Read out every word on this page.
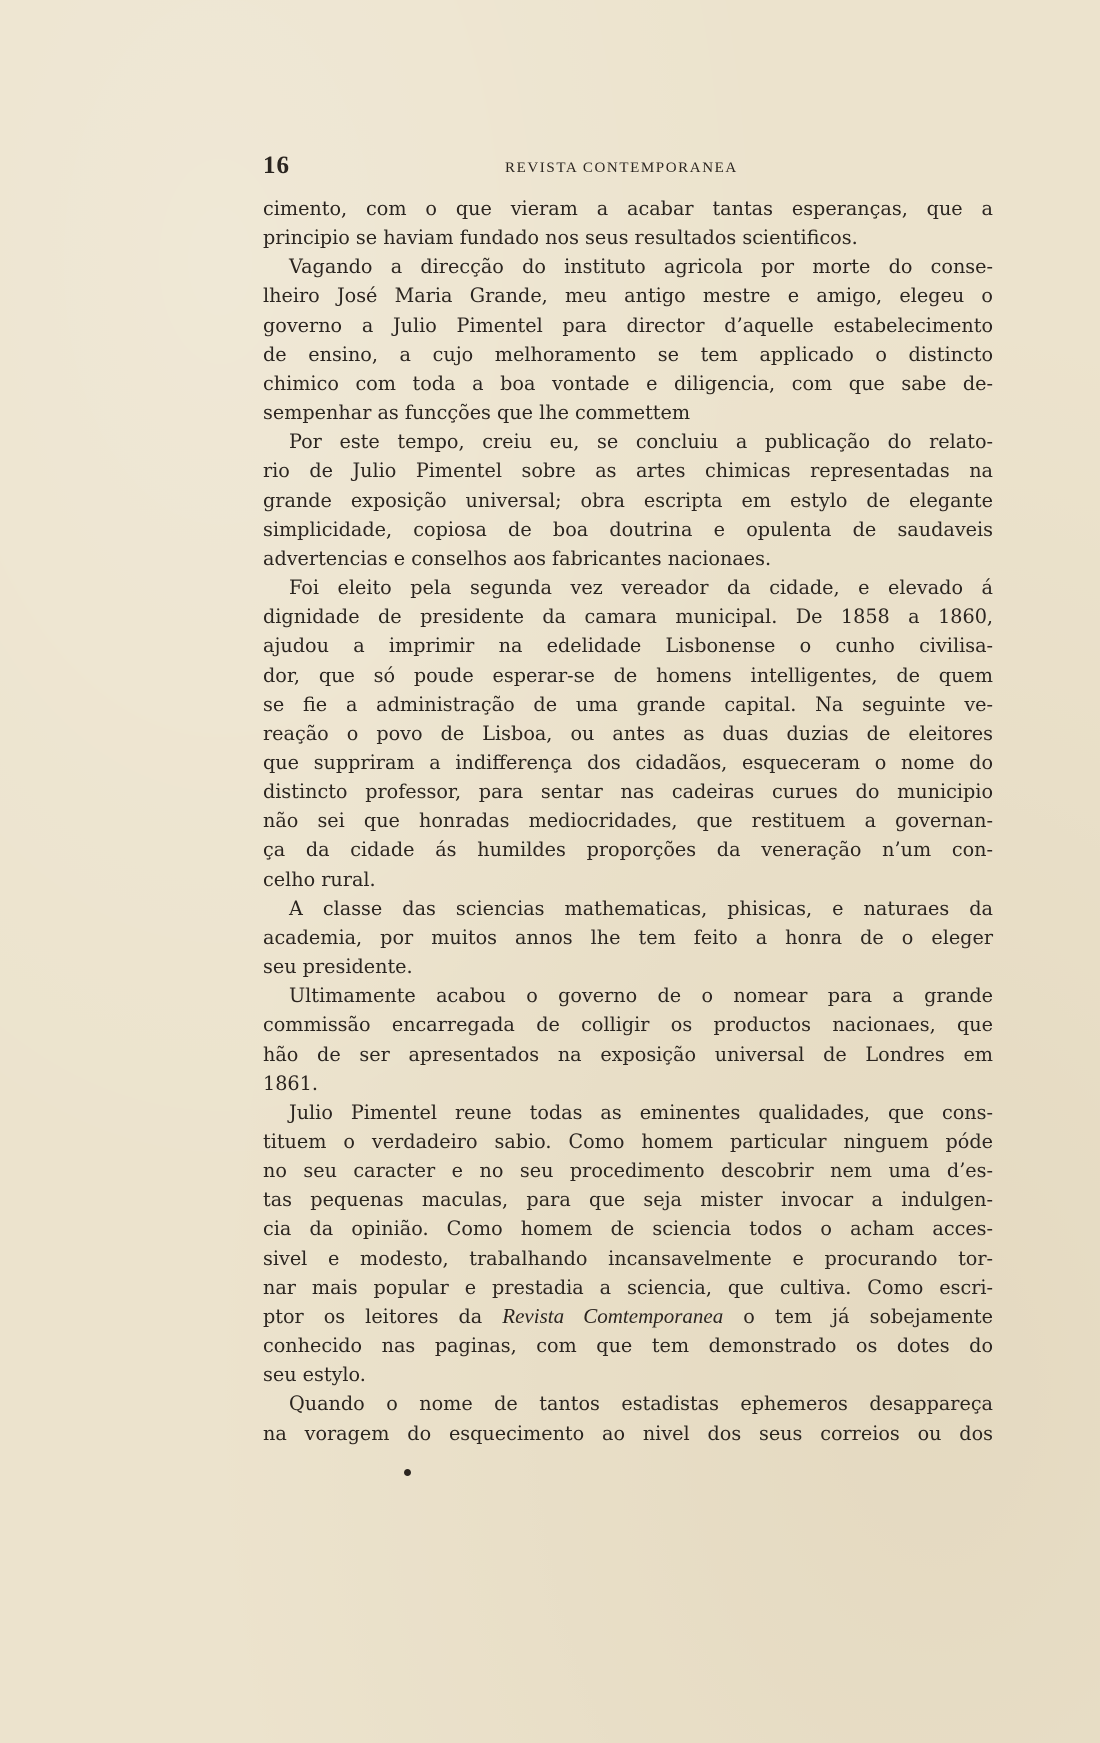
16	REVISTA CONTEMPORANEA
cimento, com o que vieram a acabar tantas esperanças, que a
principio se haviam fundado nos seus resultados scientificos.
Vagando a direcção do instituto agricola por morte do conse-
lheiro José Maria Grande, meu antigo mestre e amigo, elegeu o
governo a Julio Pimentel para director d’aquelle estabelecimento
de ensino, a cujo melhoramento se tem applicado o distincto
chimico com toda a boa vontade e diligencia, com que sabe de-
sempenhar as funcções que lhe commettem
Por este tempo, creiu eu, se concluiu a publicação do relato-
rio de Julio Pimentel sobre as artes chimicas representadas na
grande exposição universal; obra escripta em estylo de elegante
simplicidade, copiosa de boa doutrina e opulenta de saudaveis
advertencias e conselhos aos fabricantes nacionaes.
Foi eleito pela segunda vez vereador da cidade, e elevado á
dignidade de presidente da camara municipal. De 1858 a 1860,
ajudou a imprimir na edelidade Lisbonense o cunho civilisa-
dor, que só poude esperar-se de homens intelligentes, de quem
se fie a administração de uma grande capital. Na seguinte ve-
reação o povo de Lisboa, ou antes as duas duzias de eleitores
que suppriram a indifferença dos cidadãos, esqueceram o nome do
distincto professor, para sentar nas cadeiras curues do municipio
não sei que honradas mediocridades, que restituem a governan-
ça da cidade ás humildes proporções da veneração n’um con-
celho rural.
A classe das sciencias mathematicas, phisicas, e naturaes da
academia, por muitos annos lhe tem feito a honra de o eleger
seu presidente.
Ultimamente acabou o governo de o nomear para a grande
commissão encarregada de colligir os productos nacionaes, que
hão de ser apresentados na exposição universal de Londres em
1861.
Julio Pimentel reune todas as eminentes qualidades, que cons-
tituem o verdadeiro sabio. Como homem particular ninguem póde
no seu caracter e no seu procedimento descobrir nem uma d’es-
tas pequenas maculas, para que seja mister invocar a indulgen-
cia da opinião. Como homem de sciencia todos o acham acces-
sivel e modesto, trabalhando incansavelmente e procurando tor-
nar mais popular e prestadia a sciencia, que cultiva. Como escri-
ptor os leitores da Revista Comtemporanea o tem já sobejamente
conhecido nas paginas, com que tem demonstrado os dotes do
seu estylo.
Quando o nome de tantos estadistas ephemeros desappareça
na voragem do esquecimento ao nivel dos seus correios ou dos
